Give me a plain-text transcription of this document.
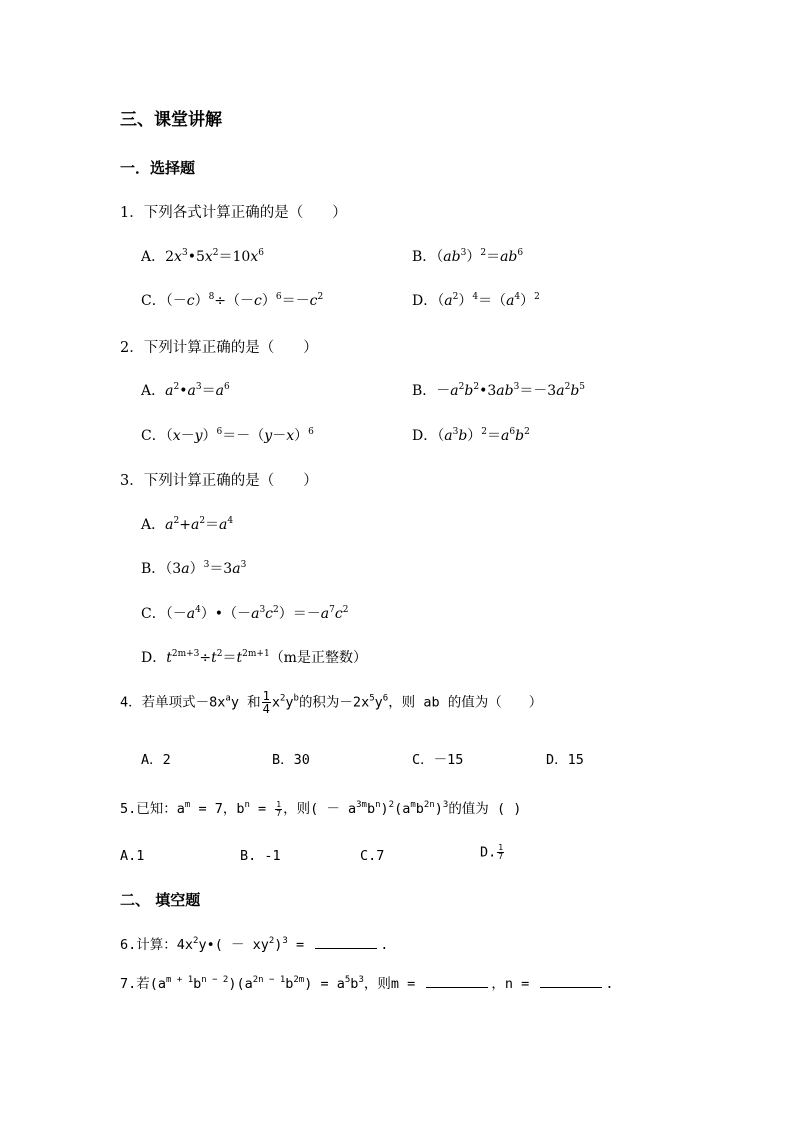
三、课堂讲解
一．选择题
1．下列各式计算正确的是（　　）
A．$2x^3•5x^2=10x^6$	B．$(ab^3)^2=ab^6$
C．$(-c)^8\div(-c)^6=-c^2$	D．$(a^2)^4=(a^4)^2$
2．下列计算正确的是（　　）
A．$a^2•a^3=a^6$	B．$-a^2b^2•3ab^3=-3a^2b^5$
C．$(x-y)^6=-(y-x)^6$	D．$(a^3b)^2=a^6b^2$
3．下列计算正确的是（　　）
A．$a^2+a^2=a^4$
B．$(3a)^3=3a^3$
C．$(-a^4)•(-a^3c^2)=-a^7c^2$
D．$t^{2m+3}\div t^2=t^{2m+1}(m$是正整数）
4．若单项式$-8x^ay$ 和 $\frac{1}{4} x^2y^b$的积为$-2x^5y^6$，则 ab 的值为（　　）
A．2	B．30	C．－15	D．15
5.已知：$a^m = 7$，$b^n = \frac{1}{7}$ ，则( － $a^{3m}b^n)^2(a^mb^{2n})^3$的值为 ( )
A.1	B. -1	C.7	D. $\frac{1}{7}$
二、 填空题
6.计算：$4x^2y•( - xy^2)^3$ =	.
7.若$(a^{m + 1}b^{n - 2})(a^{2n - 1}b^{2m}) = a^5b^3$，则m =	，n =	.
